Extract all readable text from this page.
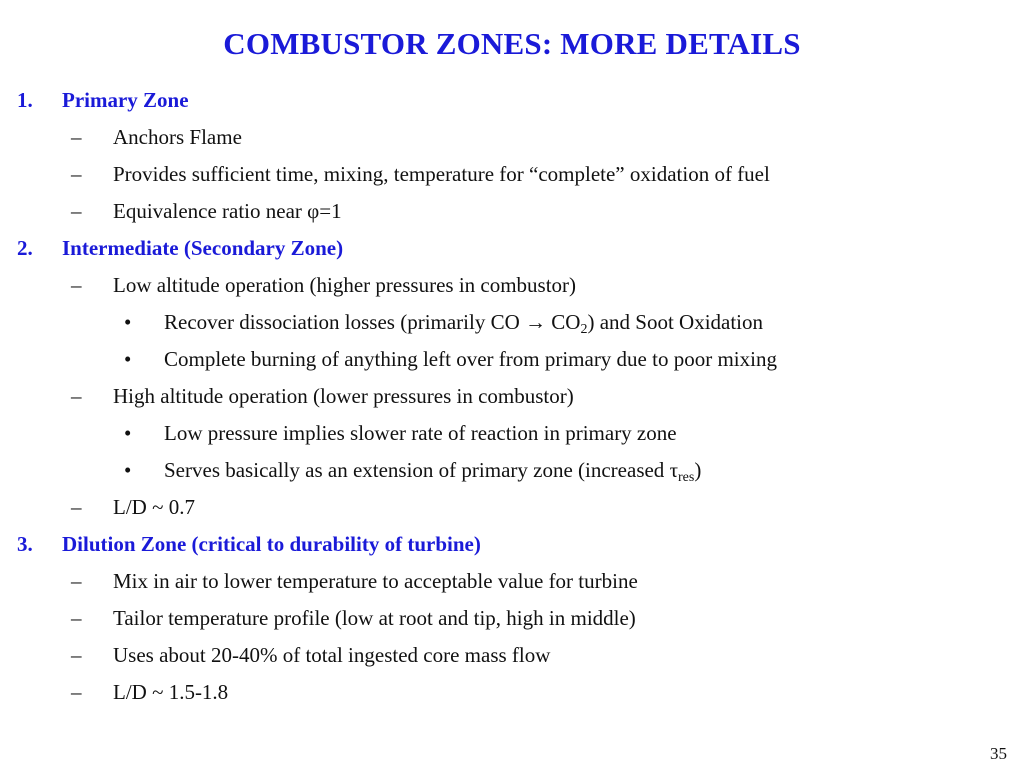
COMBUSTOR ZONES: MORE DETAILS
1. Primary Zone
– Anchors Flame
– Provides sufficient time, mixing, temperature for “complete” oxidation of fuel
– Equivalence ratio near φ=1
2. Intermediate (Secondary Zone)
– Low altitude operation (higher pressures in combustor)
• Recover dissociation losses (primarily CO → $CO_2$) and Soot Oxidation
• Complete burning of anything left over from primary due to poor mixing
– High altitude operation (lower pressures in combustor)
• Low pressure implies slower rate of reaction in primary zone
• Serves basically as an extension of primary zone (increased $\tau_{res}$)
– L/D ~ 0.7
3. Dilution Zone (critical to durability of turbine)
– Mix in air to lower temperature to acceptable value for turbine
– Tailor temperature profile (low at root and tip, high in middle)
– Uses about 20-40% of total ingested core mass flow
– L/D ~ 1.5-1.8
35
